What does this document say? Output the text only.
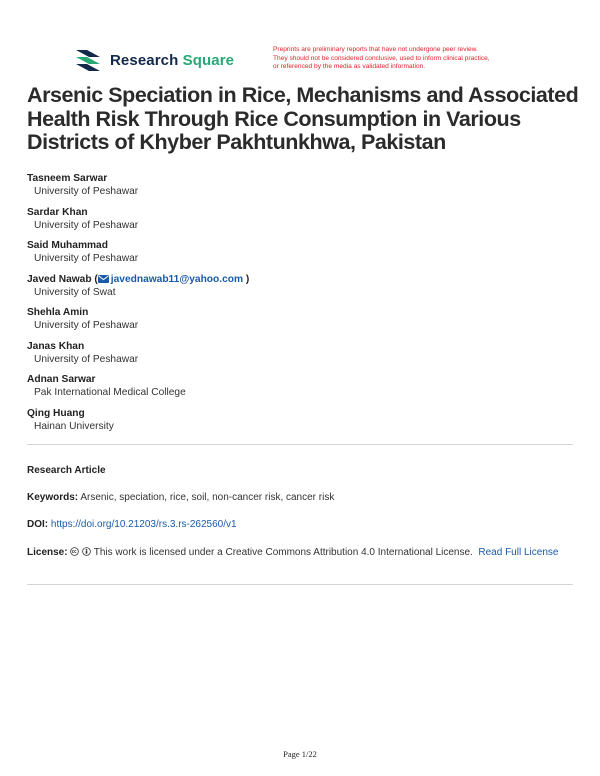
Research Square
Preprints are preliminary reports that have not undergone peer review.
They should not be considered conclusive, used to inform clinical practice,
or referenced by the media as validated information.
Arsenic Speciation in Rice, Mechanisms and Associated
Health Risk Through Rice Consumption in Various
Districts of Khyber Pakhtunkhwa, Pakistan
Tasneem Sarwar
University of Peshawar
Sardar Khan
University of Peshawar
Said Muhammad
University of Peshawar
Javed Nawab ( javednawab11@yahoo.com )
University of Swat
Shehla Amin
University of Peshawar
Janas Khan
University of Peshawar
Adnan Sarwar
Pak International Medical College
Qing Huang
Hainan University
Research Article
Keywords: Arsenic, speciation, rice, soil, non-cancer risk, cancer risk
DOI: https://doi.org/10.21203/rs.3.rs-262560/v1
License:	This work is licensed under a Creative Commons Attribution 4.0 International License. Read Full License
Page 1/22
